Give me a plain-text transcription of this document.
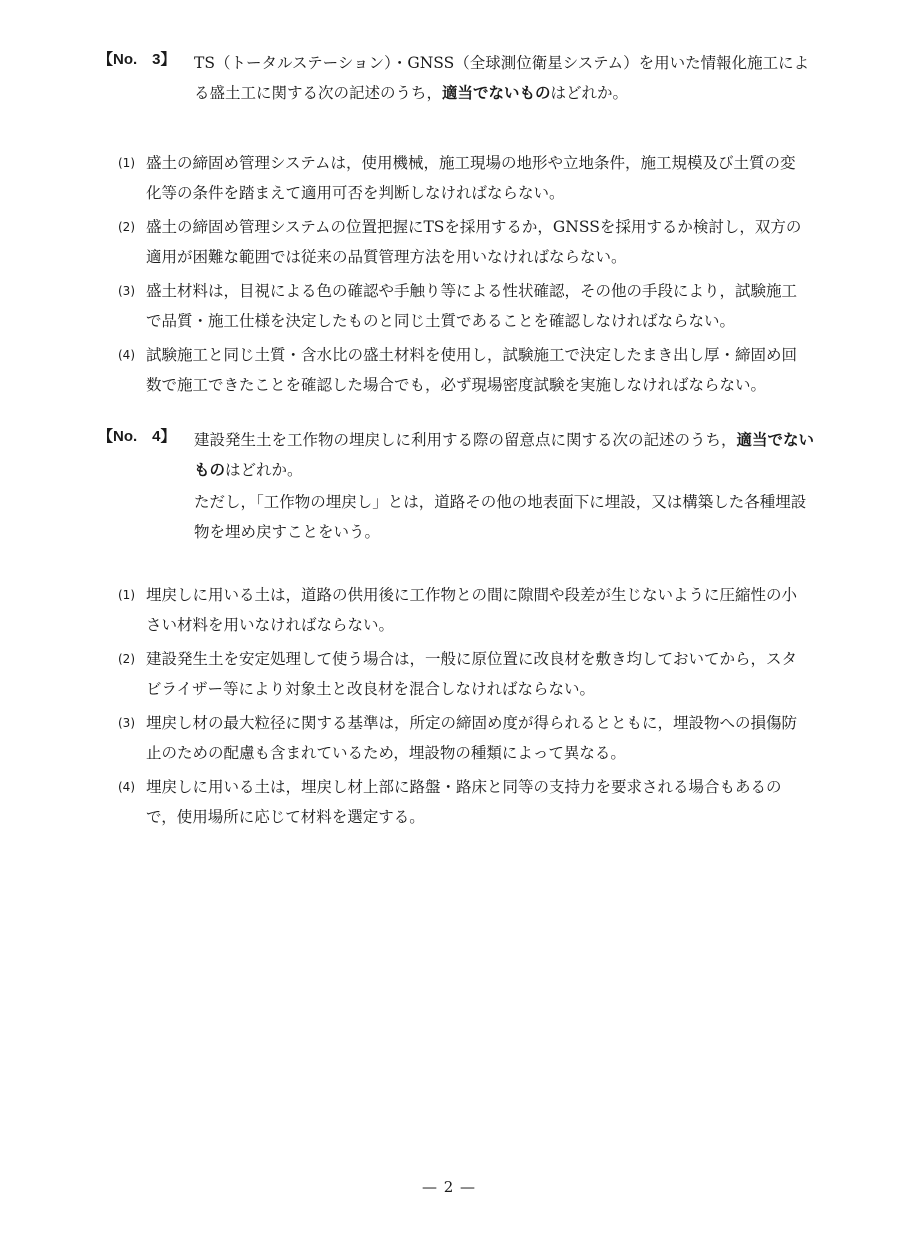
【No.　3】 TS（トータルステーション）・GNSS（全球測位衛星システム）を用いた情報化施工による盛土工に関する次の記述のうち，適当でないものはどれか。
(1) 盛土の締固め管理システムは，使用機械，施工現場の地形や立地条件，施工規模及び土質の変化等の条件を踏まえて適用可否を判断しなければならない。
(2) 盛土の締固め管理システムの位置把握にTSを採用するか，GNSSを採用するか検討し，双方の適用が困難な範囲では従来の品質管理方法を用いなければならない。
(3) 盛土材料は，目視による色の確認や手触り等による性状確認，その他の手段により，試験施工で品質・施工仕様を決定したものと同じ土質であることを確認しなければならない。
(4) 試験施工と同じ土質・含水比の盛土材料を使用し，試験施工で決定したまき出し厚・締固め回数で施工できたことを確認した場合でも，必ず現場密度試験を実施しなければならない。
【No.　4】 建設発生土を工作物の埋戻しに利用する際の留意点に関する次の記述のうち，適当でないものはどれか。
ただし，「工作物の埋戻し」とは，道路その他の地表面下に埋設，又は構築した各種埋設物を埋め戻すことをいう。
(1) 埋戻しに用いる土は，道路の供用後に工作物との間に隙間や段差が生じないように圧縮性の小さい材料を用いなければならない。
(2) 建設発生土を安定処理して使う場合は，一般に原位置に改良材を敷き均しておいてから，スタビライザー等により対象土と改良材を混合しなければならない。
(3) 埋戻し材の最大粒径に関する基準は，所定の締固め度が得られるとともに，埋設物への損傷防止のための配慮も含まれているため，埋設物の種類によって異なる。
(4) 埋戻しに用いる土は，埋戻し材上部に路盤・路床と同等の支持力を要求される場合もあるので，使用場所に応じて材料を選定する。
— 2 —
